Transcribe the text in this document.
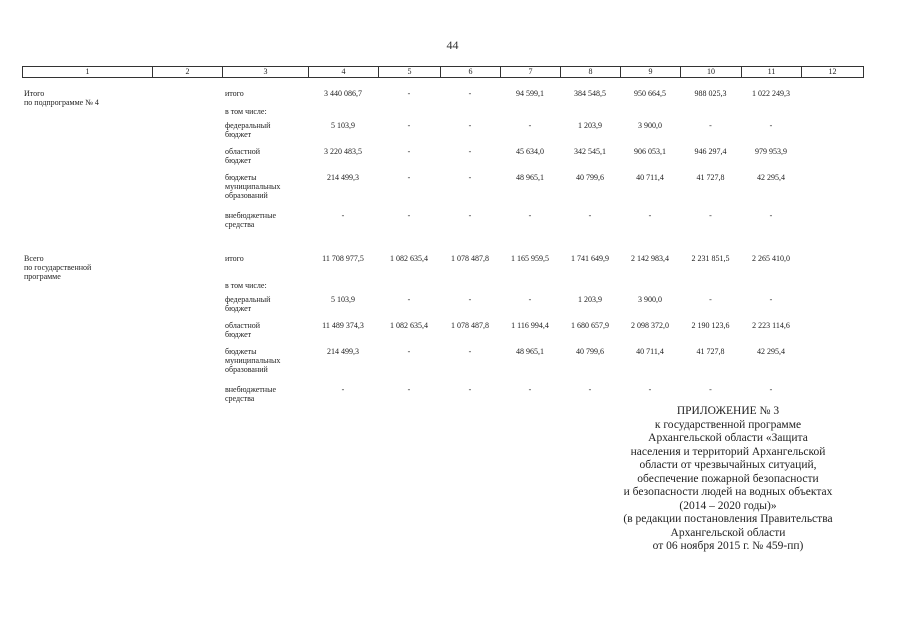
44
1	2	3	4	5	6	7	8	9	10	11	12
Итого
по подпрограмме № 4		итого	3 440 086,7	-	-	94 599,1	384 548,5	950 664,5	988 025,3	1 022 249,3	

		в том числе:									

		федеральный
бюджет	5 103,9	-	-	-	1 203,9	3 900,0	-	-	

		областной
бюджет	3 220 483,5	-	-	45 634,0	342 545,1	906 053,1	946 297,4	979 953,9	

		бюджеты
муниципальных
образований	214 499,3	-	-	48 965,1	40 799,6	40 711,4	41 727,8	42 295,4	

		внебюджетные
средства	-	-	-	-	-	-	-	-	
Всего
по государственной
программе		итого	11 708 977,5	1 082 635,4	1 078 487,8	1 165 959,5	1 741 649,9	2 142 983,4	2 231 851,5	2 265 410,0	

		в том числе:									

		федеральный
бюджет	5 103,9	-	-	-	1 203,9	3 900,0	-	-	

		областной
бюджет	11 489 374,3	1 082 635,4	1 078 487,8	1 116 994,4	1 680 657,9	2 098 372,0	2 190 123,6	2 223 114,6	

		бюджеты
муниципальных
образований	214 499,3	-	-	48 965,1	40 799,6	40 711,4	41 727,8	42 295,4	

		внебюджетные
средства	-	-	-	-	-	-	-	-	
ПРИЛОЖЕНИЕ № 3
к государственной программе
Архангельской области «Защита
населения и территорий Архангельской
области от чрезвычайных ситуаций,
обеспечение пожарной безопасности
и безопасности людей на водных объектах
(2014 – 2020 годы)»
(в редакции постановления Правительства
Архангельской области
от 06 ноября 2015 г. № 459-пп)
